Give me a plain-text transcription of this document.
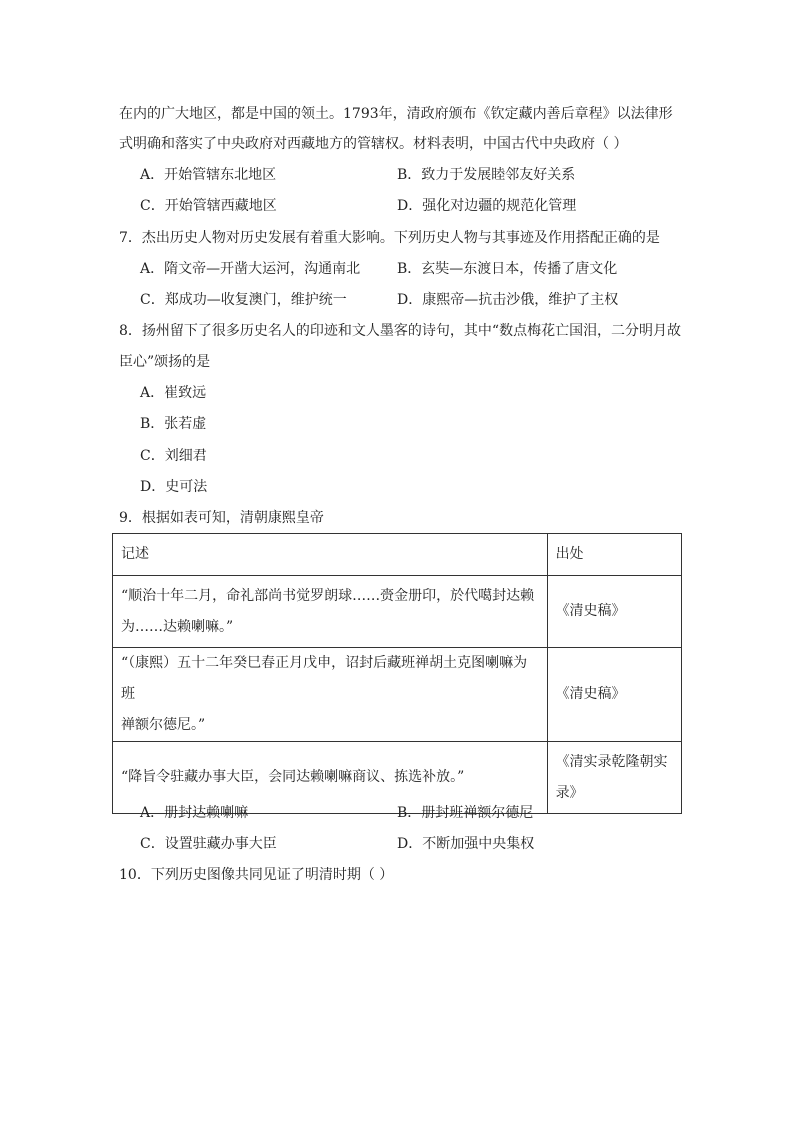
在内的广大地区，都是中国的领土。1793年，清政府颁布《钦定藏内善后章程》以法律形
式明确和落实了中央政府对西藏地方的管辖权。材料表明，中国古代中央政府（ ）
A．开始管辖东北地区	B．致力于发展睦邻友好关系
C．开始管辖西藏地区	D．强化对边疆的规范化管理
7．杰出历史人物对历史发展有着重大影响。下列历史人物与其事迹及作用搭配正确的是
A．隋文帝—开凿大运河，沟通南北	B．玄奘—东渡日本，传播了唐文化
C．郑成功—收复澳门，维护统一	D．康熙帝—抗击沙俄，维护了主权
8．扬州留下了很多历史名人的印迹和文人墨客的诗句，其中“数点梅花亡国泪，二分明月故
臣心”颂扬的是
A．崔致远
B．张若虚
C．刘细君
D．史可法
9．根据如表可知，清朝康熙皇帝
记述	出处

“顺治十年二月，命礼部尚书觉罗朗球……赍金册印，於代噶封达赖
为……达赖喇嘛。”	《清史稿》

“（康熙）五十二年癸巳春正月戊申，诏封后藏班禅胡土克图喇嘛为班
禅额尔德尼。”	《清史稿》
“降旨令驻藏办事大臣，会同达赖喇嘛商议、拣选补放。”	《清实录乾隆朝实
录》
A．册封达赖喇嘛	B．册封班禅额尔德尼
C．设置驻藏办事大臣	D．不断加强中央集权
10．下列历史图像共同见证了明清时期（ ）
